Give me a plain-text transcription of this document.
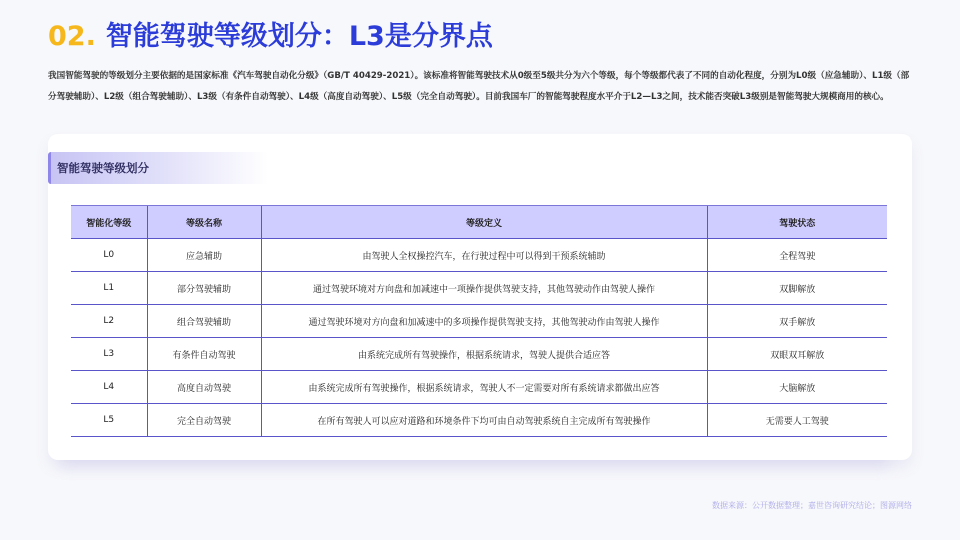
02. 智能驾驶等级划分：L3是分界点

我国智能驾驶的等级划分主要依据的是国家标准《汽车驾驶自动化分级》（GB/T 40429-2021）。该标准将智能驾驶技术从0级至5级共分为六个等级，每个等级都代表了不同的自动化程度，分别为L0级（应急辅助）、L1级（部分驾驶辅助）、L2级（组合驾驶辅助）、L3级（有条件自动驾驶）、L4级（高度自动驾驶）、L5级（完全自动驾驶）。目前我国车厂的智能驾驶程度水平介于L2—L3之间，技术能否突破L3级别是智能驾驶大规模商用的核心。

智能驾驶等级划分
智能化等级	等级名称	等级定义	驾驶状态
L0	应急辅助	由驾驶人全权操控汽车，在行驶过程中可以得到干预系统辅助	全程驾驶
L1	部分驾驶辅助	通过驾驶环境对方向盘和加减速中一项操作提供驾驶支持，其他驾驶动作由驾驶人操作	双脚解放
L2	组合驾驶辅助	通过驾驶环境对方向盘和加减速中的多项操作提供驾驶支持，其他驾驶动作由驾驶人操作	双手解放
L3	有条件自动驾驶	由系统完成所有驾驶操作，根据系统请求，驾驶人提供合适应答	双眼双耳解放
L4	高度自动驾驶	由系统完成所有驾驶操作，根据系统请求，驾驶人不一定需要对所有系统请求都做出应答	大脑解放
L5	完全自动驾驶	在所有驾驶人可以应对道路和环境条件下均可由自动驾驶系统自主完成所有驾驶操作	无需要人工驾驶
数据来源：公开数据整理；嘉世咨询研究结论；图源网络
